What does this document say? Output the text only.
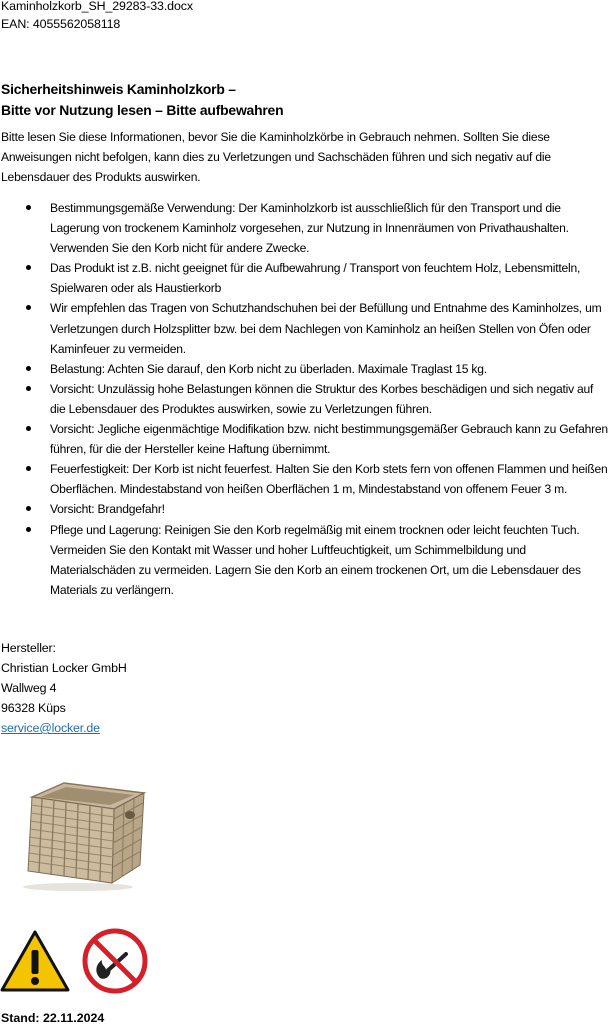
Kaminholzkorb_SH_29283-33.docx
EAN: 4055562058118
Sicherheitshinweis Kaminholzkorb –
Bitte vor Nutzung lesen – Bitte aufbewahren
Bitte lesen Sie diese Informationen, bevor Sie die Kaminholzkörbe in Gebrauch nehmen. Sollten Sie diese Anweisungen nicht befolgen, kann dies zu Verletzungen und Sachschäden führen und sich negativ auf die Lebensdauer des Produkts auswirken.
Bestimmungsgemäße Verwendung: Der Kaminholzkorb ist ausschließlich für den Transport und die Lagerung von trockenem Kaminholz vorgesehen, zur Nutzung in Innenräumen von Privathaushalten. Verwenden Sie den Korb nicht für andere Zwecke.
Das Produkt ist z.B. nicht geeignet für die Aufbewahrung / Transport von feuchtem Holz, Lebensmitteln, Spielwaren oder als Haustierkorb
Wir empfehlen das Tragen von Schutzhandschuhen bei der Befüllung und Entnahme des Kaminholzes, um Verletzungen durch Holzsplitter bzw. bei dem Nachlegen von Kaminholz an heißen Stellen von Öfen oder Kaminfeuer zu vermeiden.
Belastung: Achten Sie darauf, den Korb nicht zu überladen. Maximale Traglast 15 kg.
Vorsicht: Unzulässig hohe Belastungen können die Struktur des Korbes beschädigen und sich negativ auf die Lebensdauer des Produktes auswirken, sowie zu Verletzungen führen.
Vorsicht: Jegliche eigenmächtige Modifikation bzw. nicht bestimmungsgemäßer Gebrauch kann zu Gefahren führen, für die der Hersteller keine Haftung übernimmt.
Feuerfestigkeit: Der Korb ist nicht feuerfest. Halten Sie den Korb stets fern von offenen Flammen und heißen Oberflächen. Mindestabstand von heißen Oberflächen 1 m, Mindestabstand von offenem Feuer 3 m.
Vorsicht: Brandgefahr!
Pflege und Lagerung: Reinigen Sie den Korb regelmäßig mit einem trocknen oder leicht feuchten Tuch. Vermeiden Sie den Kontakt mit Wasser und hoher Luftfeuchtigkeit, um Schimmelbildung und Materialschäden zu vermeiden. Lagern Sie den Korb an einem trockenen Ort, um die Lebensdauer des Materials zu verlängern.
Hersteller:
Christian Locker GmbH
Wallweg 4
96328 Küps
service@locker.de
Stand: 22.11.2024
